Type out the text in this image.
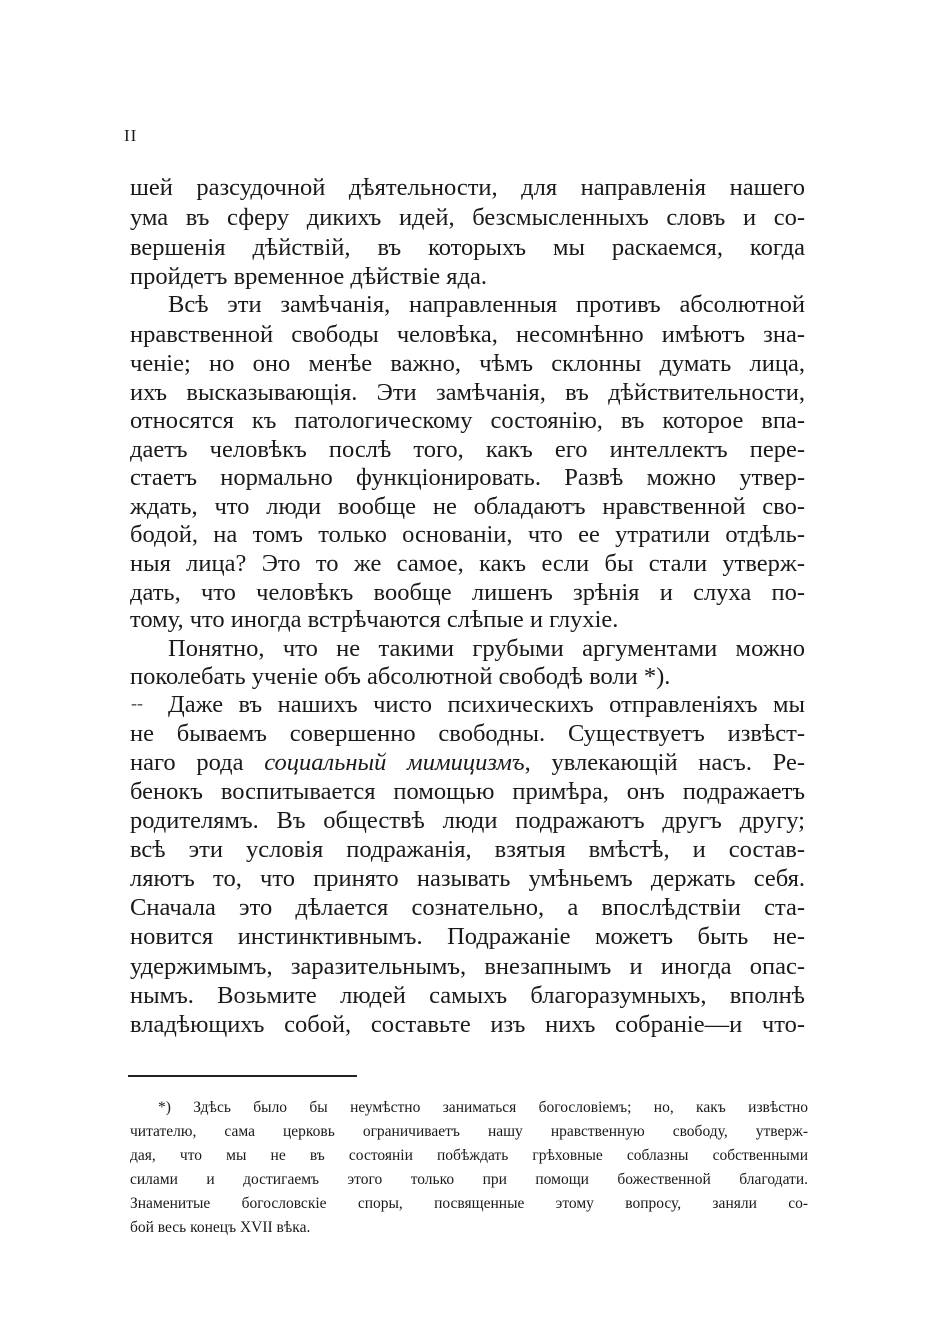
II
шей разсудочной дѣятельности, для направленія нашего
ума въ сферу дикихъ идей, безсмысленныхъ словъ и со-
вершенія дѣйствій, въ которыхъ мы раскаемся, когда
пройдетъ временное дѣйствіе яда.
Всѣ эти замѣчанія, направленныя противъ абсолютной
нравственной свободы человѣка, несомнѣнно имѣютъ зна-
ченіе; но оно менѣе важно, чѣмъ склонны думать лица,
ихъ высказывающія. Эти замѣчанія, въ дѣйствительности,
относятся къ патологическому состоянію, въ которое впа-
даетъ человѣкъ послѣ того, какъ его интеллектъ пере-
стаетъ нормально функціонировать. Развѣ можно утвер-
ждать, что люди вообще не обладаютъ нравственной сво-
бодой, на томъ только основаніи, что ее утратили отдѣль-
ныя лица? Это то же самое, какъ если бы стали утверж-
дать, что человѣкъ вообще лишенъ зрѣнія и слуха по-
тому, что иногда встрѣчаются слѣпые и глухіе.
Понятно, что не такими грубыми аргументами можно
поколебать ученіе объ абсолютной свободѣ воли *).
-- Даже въ нашихъ чисто психическихъ отправленіяхъ мы
не бываемъ совершенно свободны. Существуетъ извѣст-
наго рода социальный мимицизмъ, увлекающій насъ. Ре-
бенокъ воспитывается помощью примѣра, онъ подражаетъ
родителямъ. Въ обществѣ люди подражаютъ другъ другу;
всѣ эти условія подражанія, взятыя вмѣстѣ, и состав-
ляютъ то, что принято называть умѣньемъ держать себя.
Сначала это дѣлается сознательно, а впослѣдствіи ста-
новится инстинктивнымъ. Подражаніе можетъ быть не-
удержимымъ, заразительнымъ, внезапнымъ и иногда опас-
нымъ. Возьмите людей самыхъ благоразумныхъ, вполнѣ
владѣющихъ собой, составьте изъ нихъ собраніе—и что-
*) Здѣсь было бы неумѣстно заниматься богословіемъ; но, какъ извѣстно
читателю, сама церковь ограничиваетъ нашу нравственную свободу, утверж-
дая, что мы не въ состояніи побѣждать грѣховные соблазны собственными
силами и достигаемъ этого только при помощи божественной благодати.
Знаменитые богословскіе споры, посвященные этому вопросу, заняли со-
бой весь конецъ XVII вѣка.
